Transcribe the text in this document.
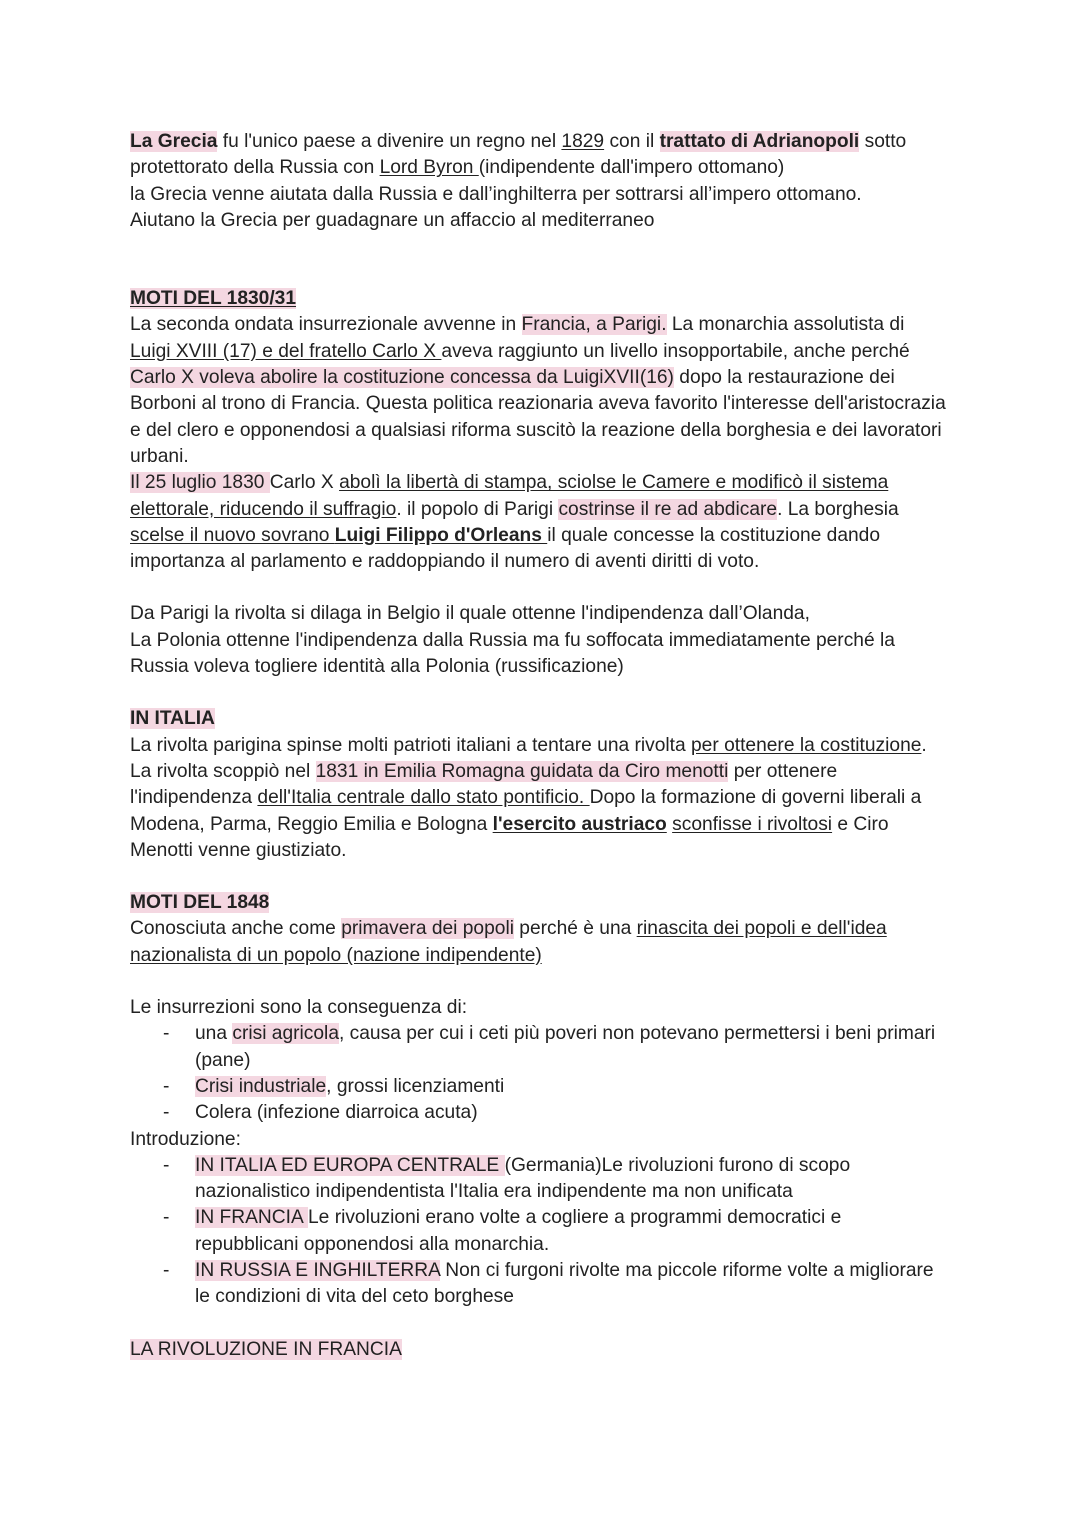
La Grecia fu l'unico paese a divenire un regno nel 1829 con il trattato di Adrianopoli sotto protettorato della Russia con Lord Byron (indipendente dall'impero ottomano)

la Grecia venne aiutata dalla Russia e dall’inghilterra per sottrarsi all’impero ottomano.

Aiutano la Grecia per guadagnare un affaccio al mediterraneo

MOTI DEL 1830/31

La seconda ondata insurrezionale avvenne in Francia, a Parigi. La monarchia assolutista di Luigi XVIII (17) e del fratello Carlo X aveva raggiunto un livello insopportabile, anche perché Carlo X voleva abolire la costituzione concessa da LuigiXVII(16) dopo la restaurazione dei Borboni al trono di Francia. Questa politica reazionaria aveva favorito l'interesse dell'aristocrazia e del clero e opponendosi a qualsiasi riforma suscitò la reazione della borghesia e dei lavoratori urbani.

Il 25 luglio 1830 Carlo X abolì la libertà di stampa, sciolse le Camere e modificò il sistema elettorale, riducendo il suffragio. il popolo di Parigi costrinse il re ad abdicare. La borghesia scelse il nuovo sovrano Luigi Filippo d'Orleans il quale concesse la costituzione dando importanza al parlamento e raddoppiando il numero di aventi diritti di voto.

Da Parigi la rivolta si dilaga in Belgio il quale ottenne l'indipendenza dall’Olanda,

La Polonia ottenne l'indipendenza dalla Russia ma fu soffocata immediatamente perché la Russia voleva togliere identità alla Polonia (russificazione)

IN ITALIA

La rivolta parigina spinse molti patrioti italiani a tentare una rivolta per ottenere la costituzione. La rivolta scoppiò nel 1831 in Emilia Romagna guidata da Ciro menotti per ottenere l'indipendenza dell'Italia centrale dallo stato pontificio. Dopo la formazione di governi liberali a Modena, Parma, Reggio Emilia e Bologna l'esercito austriaco sconfisse i rivoltosi e Ciro Menotti venne giustiziato.

MOTI DEL 1848

Conosciuta anche come primavera dei popoli perché è una rinascita dei popoli e dell'idea nazionalista di un popolo (nazione indipendente)

Le insurrezioni sono la conseguenza di:

- una crisi agricola, causa per cui i ceti più poveri non potevano permettersi i beni primari (pane)
- Crisi industriale, grossi licenziamenti
- Colera (infezione diarroica acuta)

Introduzione:

- IN ITALIA ED EUROPA CENTRALE (Germania)Le rivoluzioni furono di scopo nazionalistico indipendentista l'Italia era indipendente ma non unificata
- IN FRANCIA Le rivoluzioni erano volte a cogliere a programmi democratici e repubblicani opponendosi alla monarchia.
- IN RUSSIA E INGHILTERRA Non ci furgoni rivolte ma piccole riforme volte a migliorare le condizioni di vita del ceto borghese

LA RIVOLUZIONE IN FRANCIA
